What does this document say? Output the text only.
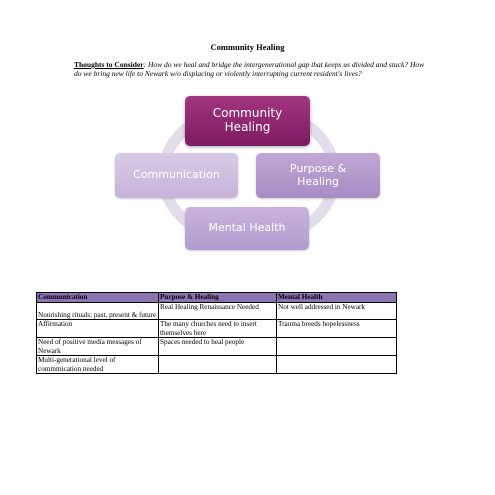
Community Healing
Thoughts to Consider: How do we heal and bridge the intergenerational gap that keeps us divided and stuck? How do we bring new life to Newark w/o displacing or violently interrupting current resident's lives?
Community
Healing
Purpose &
Healing
Mental Health
Communication
Communication	Purpose & Healing	Mental Health
Nourishing rituals: past, present & future	Real Healing Renaissance Needed	Not well addressed in Newark
Affirmation	The many churches need to insert themselves here	Trauma breeds hopelessness
Need of positive media messages of Newark	Spaces needed to heal people	
Multi-generational level of commmication needed		
